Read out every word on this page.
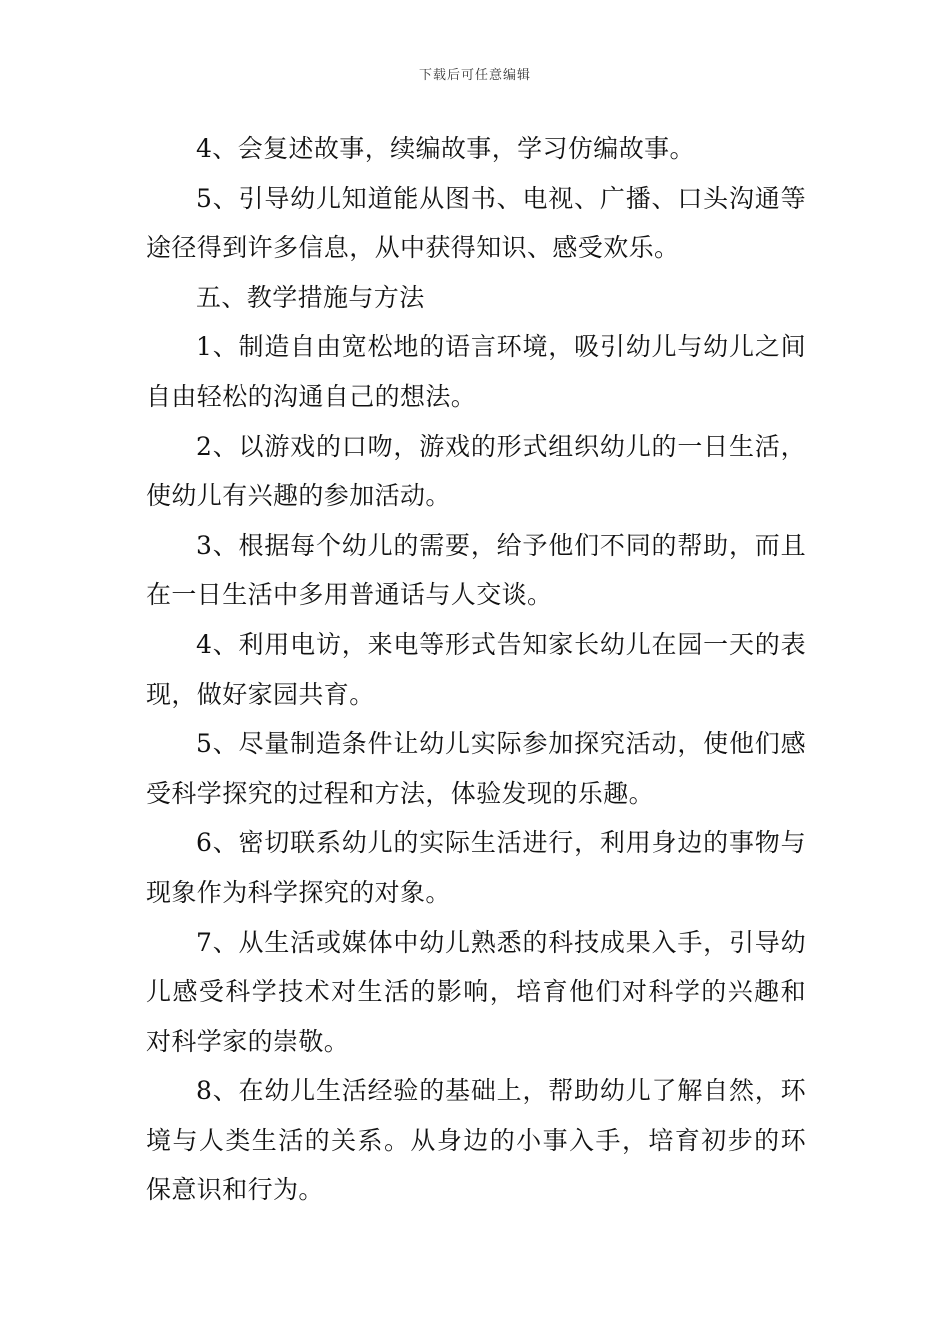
下载后可任意编辑

4、会复述故事，续编故事，学习仿编故事。

5、引导幼儿知道能从图书、电视、广播、口头沟通等途径得到许多信息，从中获得知识、感受欢乐。

五、教学措施与方法

1、制造自由宽松地的语言环境，吸引幼儿与幼儿之间自由轻松的沟通自己的想法。

2、以游戏的口吻，游戏的形式组织幼儿的一日生活，使幼儿有兴趣的参加活动。

3、根据每个幼儿的需要，给予他们不同的帮助，而且在一日生活中多用普通话与人交谈。

4、利用电访，来电等形式告知家长幼儿在园一天的表现，做好家园共育。

5、尽量制造条件让幼儿实际参加探究活动，使他们感受科学探究的过程和方法，体验发现的乐趣。

6、密切联系幼儿的实际生活进行，利用身边的事物与现象作为科学探究的对象。

7、从生活或媒体中幼儿熟悉的科技成果入手，引导幼儿感受科学技术对生活的影响，培育他们对科学的兴趣和对科学家的崇敬。

8、在幼儿生活经验的基础上，帮助幼儿了解自然，环境与人类生活的关系。从身边的小事入手，培育初步的环保意识和行为。
